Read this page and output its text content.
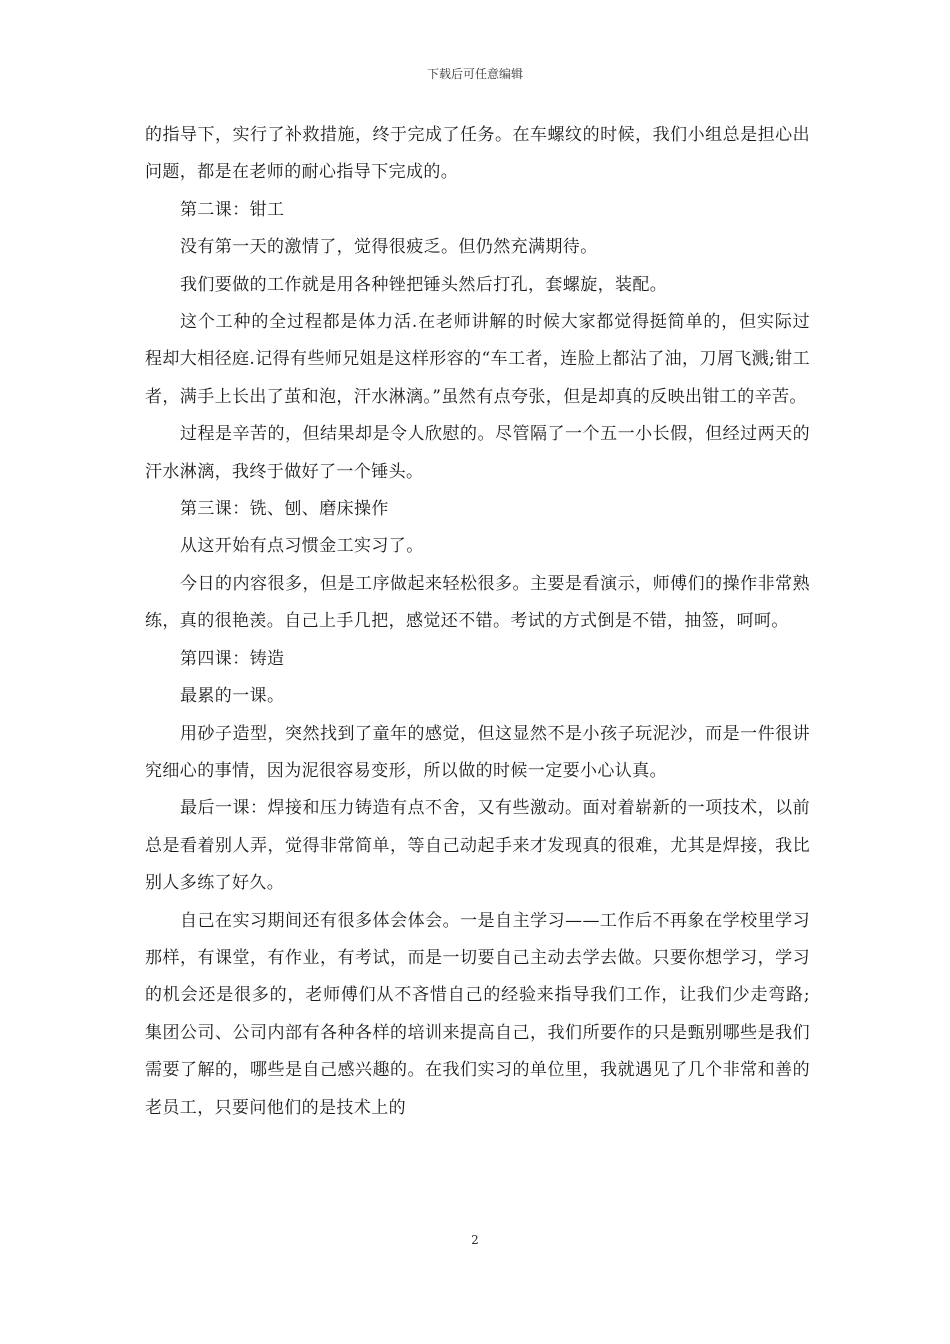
下载后可任意编辑

的指导下，实行了补救措施，终于完成了任务。在车螺纹的时候，我们小组总是担心出问题，都是在老师的耐心指导下完成的。

第二课：钳工

没有第一天的激情了，觉得很疲乏。但仍然充满期待。

我们要做的工作就是用各种锉把锤头然后打孔，套螺旋，装配。

这个工种的全过程都是体力活.在老师讲解的时候大家都觉得挺简单的，但实际过程却大相径庭.记得有些师兄姐是这样形容的“车工者，连脸上都沾了油，刀屑飞溅;钳工者，满手上长出了茧和泡，汗水淋漓。”虽然有点夸张，但是却真的反映出钳工的辛苦。

过程是辛苦的，但结果却是令人欣慰的。尽管隔了一个五一小长假，但经过两天的汗水淋漓，我终于做好了一个锤头。

第三课：铣、刨、磨床操作

从这开始有点习惯金工实习了。

今日的内容很多，但是工序做起来轻松很多。主要是看演示，师傅们的操作非常熟练，真的很艳羡。自己上手几把，感觉还不错。考试的方式倒是不错，抽签，呵呵。

第四课：铸造

最累的一课。

用砂子造型，突然找到了童年的感觉，但这显然不是小孩子玩泥沙，而是一件很讲究细心的事情，因为泥很容易变形，所以做的时候一定要小心认真。

最后一课：焊接和压力铸造有点不舍，又有些激动。面对着崭新的一项技术，以前总是看着别人弄，觉得非常简单，等自己动起手来才发现真的很难，尤其是焊接，我比别人多练了好久。

自己在实习期间还有很多体会体会。一是自主学习——工作后不再象在学校里学习那样，有课堂，有作业，有考试，而是一切要自己主动去学去做。只要你想学习，学习的机会还是很多的，老师傅们从不吝惜自己的经验来指导我们工作，让我们少走弯路;集团公司、公司内部有各种各样的培训来提高自己，我们所要作的只是甄别哪些是我们需要了解的，哪些是自己感兴趣的。在我们实习的单位里，我就遇见了几个非常和善的老员工，只要问他们的是技术上的

2
